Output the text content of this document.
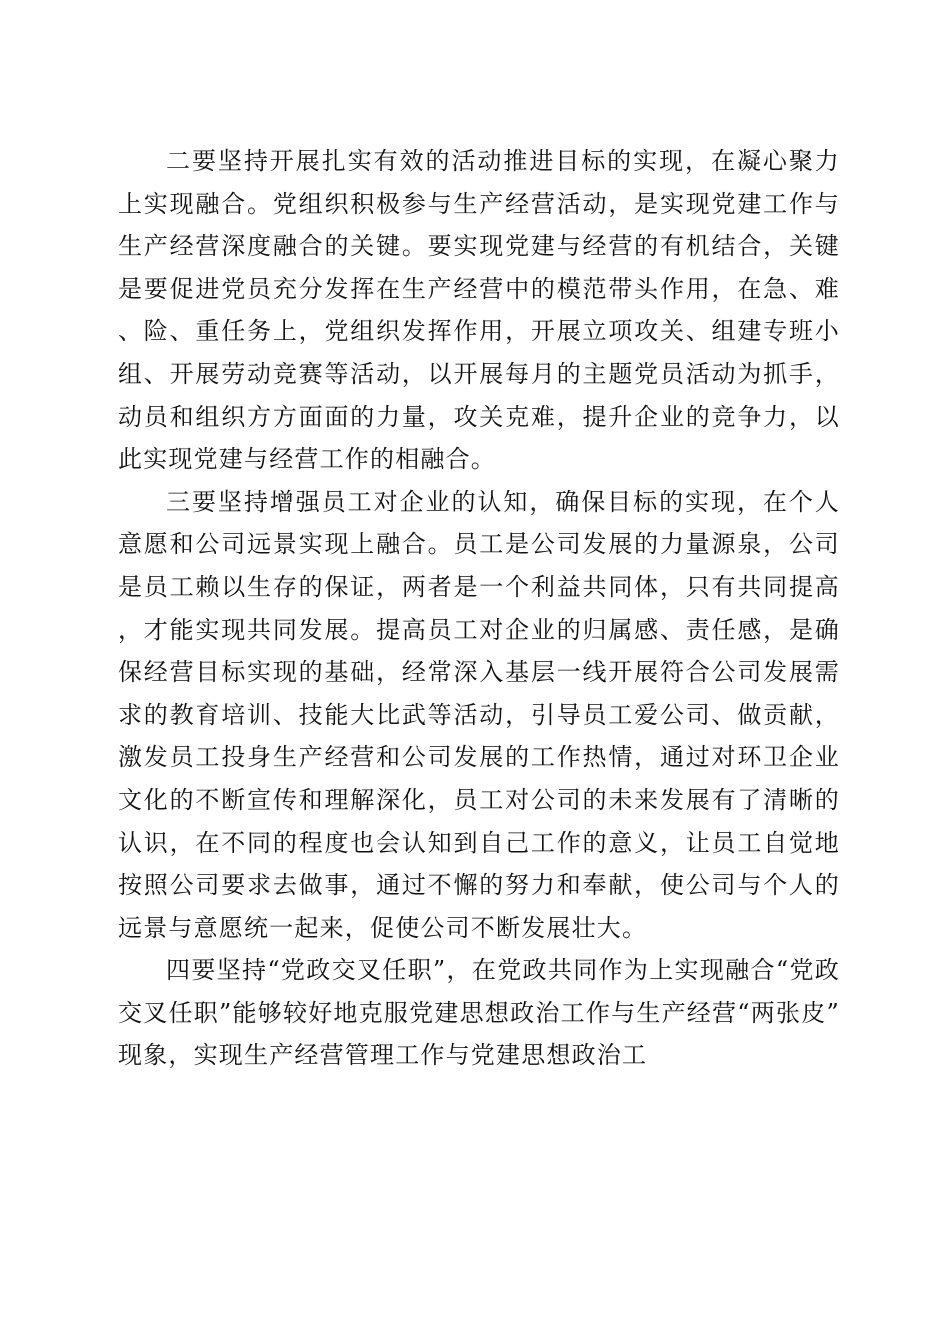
二要坚持开展扎实有效的活动推进目标的实现，在凝心聚力上实现融合。党组织积极参与生产经营活动，是实现党建工作与生产经营深度融合的关键。要实现党建与经营的有机结合，关键是要促进党员充分发挥在生产经营中的模范带头作用，在急、难、险、重任务上，党组织发挥作用，开展立项攻关、组建专班小组、开展劳动竞赛等活动，以开展每月的主题党员活动为抓手，动员和组织方方面面的力量，攻关克难，提升企业的竞争力，以此实现党建与经营工作的相融合。

三要坚持增强员工对企业的认知，确保目标的实现，在个人意愿和公司远景实现上融合。员工是公司发展的力量源泉，公司是员工赖以生存的保证，两者是一个利益共同体，只有共同提高，才能实现共同发展。提高员工对企业的归属感、责任感，是确保经营目标实现的基础，经常深入基层一线开展符合公司发展需求的教育培训、技能大比武等活动，引导员工爱公司、做贡献，激发员工投身生产经营和公司发展的工作热情，通过对环卫企业文化的不断宣传和理解深化，员工对公司的未来发展有了清晰的认识，在不同的程度也会认知到自己工作的意义，让员工自觉地按照公司要求去做事，通过不懈的努力和奉献，使公司与个人的远景与意愿统一起来，促使公司不断发展壮大。

四要坚持“党政交叉任职”，在党政共同作为上实现融合“党政交叉任职”能够较好地克服党建思想政治工作与生产经营“两张皮”现象，实现生产经营管理工作与党建思想政治工
